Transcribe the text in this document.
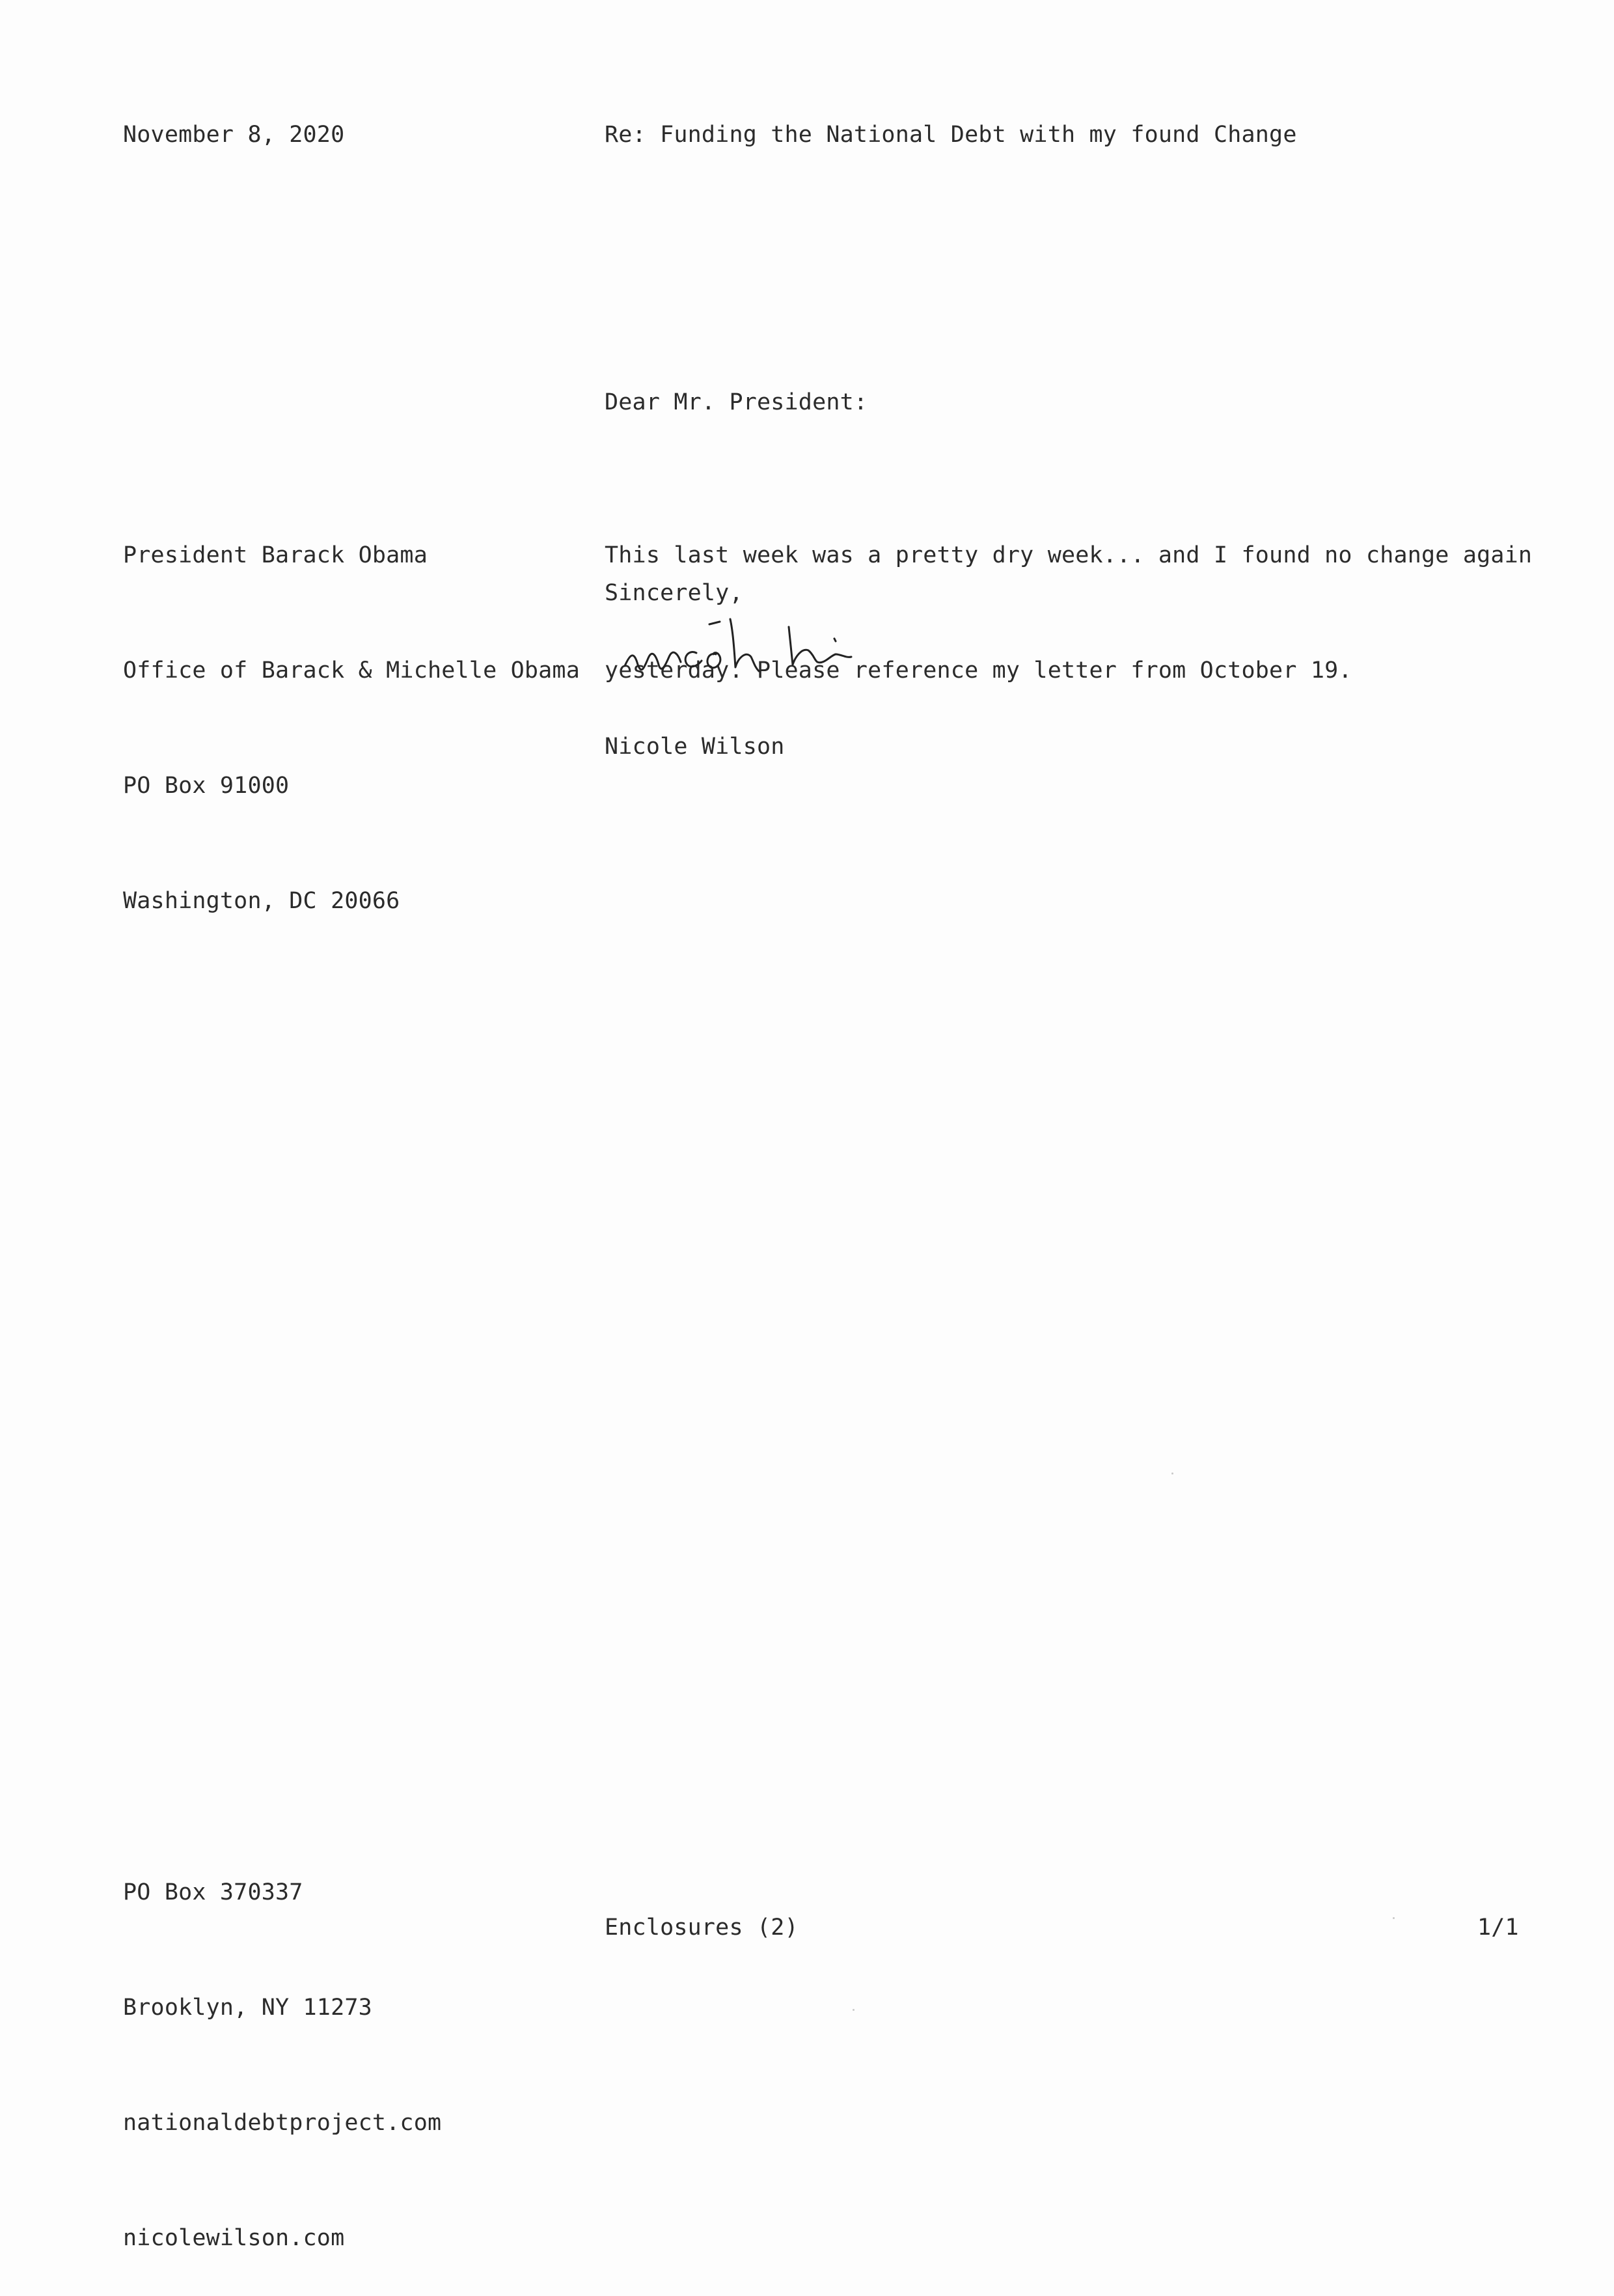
November 8, 2020	Re: Funding the National Debt with my found Change
Dear Mr. President:

President Barack Obama

Office of Barack & Michelle Obama

PO Box 91000

Washington, DC 20066

This last week was a pretty dry week... and I found no change again

yesterday. Please reference my letter from October 19.

Sincerely,
Nicole Wilson

PO Box 370337

Brooklyn, NY 11273

nationaldebtproject.com

nicolewilson.com

Enclosures (2)	1/1
